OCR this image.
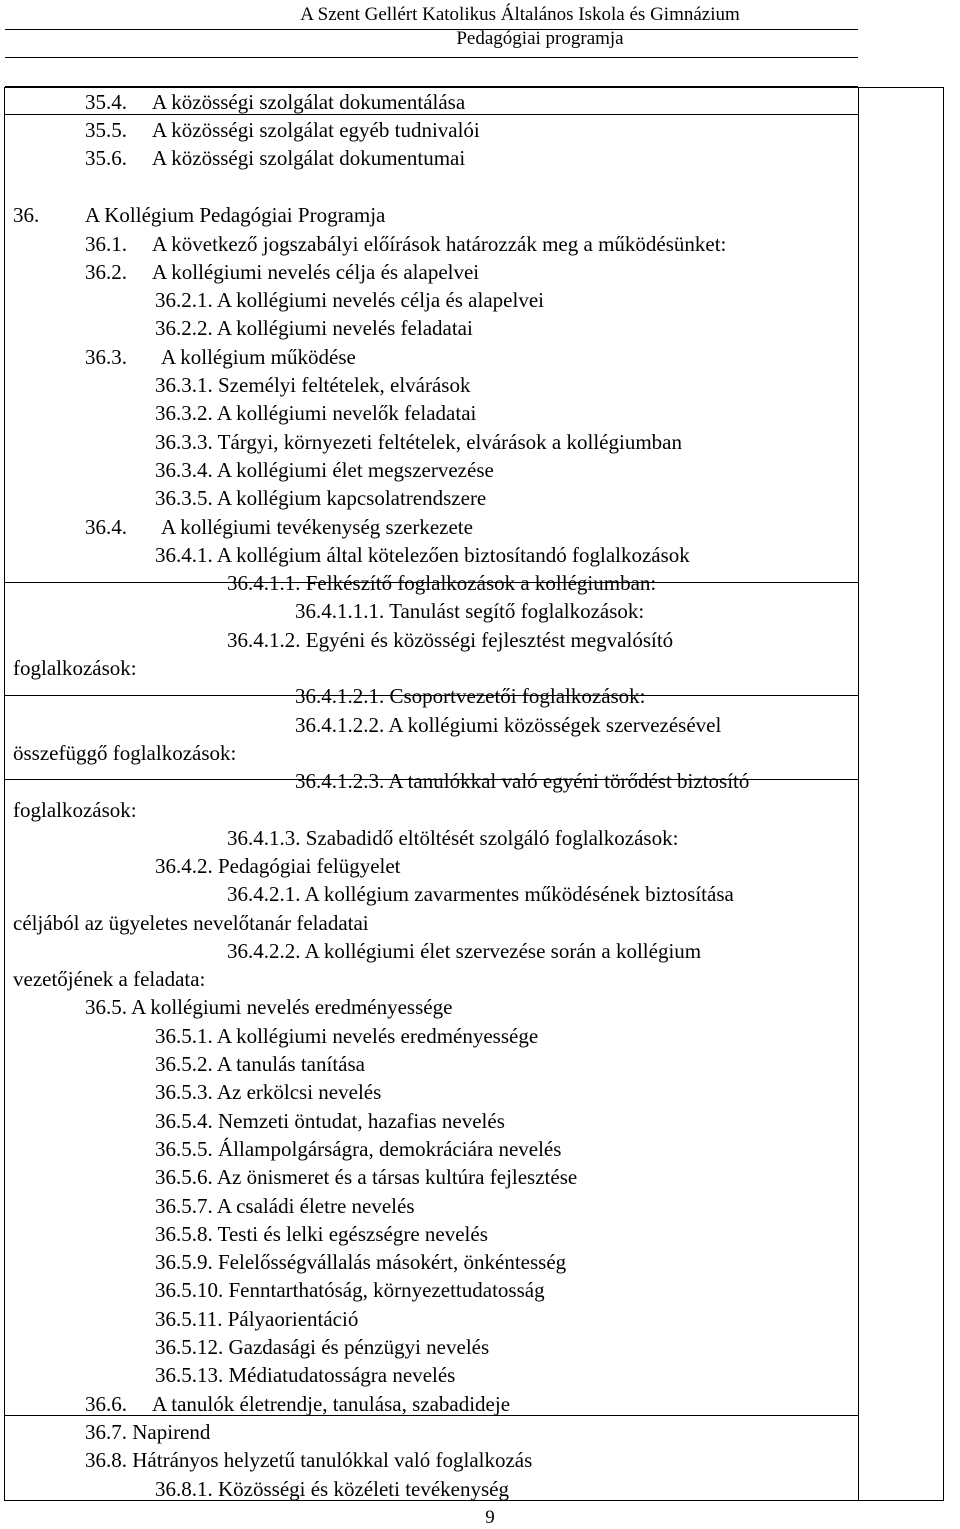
A Szent Gellért Katolikus Általános Iskola és Gimnázium
Pedagógiai programja
35.4. A közösségi szolgálat dokumentálása
35.5. A közösségi szolgálat egyéb tudnivalói
35.6. A közösségi szolgálat dokumentumai
36. A Kollégium Pedagógiai Programja
36.1. A következő jogszabályi előírások határozzák meg a működésünket:
36.2. A kollégiumi nevelés célja és alapelvei
36.2.1. A kollégiumi nevelés célja és alapelvei
36.2.2. A kollégiumi nevelés feladatai
36.3. A kollégium működése
36.3.1. Személyi feltételek, elvárások
36.3.2. A kollégiumi nevelők feladatai
36.3.3. Tárgyi, környezeti feltételek, elvárások a kollégiumban
36.3.4. A kollégiumi élet megszervezése
36.3.5. A kollégium kapcsolatrendszere
36.4. A kollégiumi tevékenység szerkezete
36.4.1. A kollégium által kötelezően biztosítandó foglalkozások
36.4.1.1. Felkészítő foglalkozások a kollégiumban:
36.4.1.1.1. Tanulást segítő foglalkozások:
36.4.1.2. Egyéni és közösségi fejlesztést megvalósító
foglalkozások:
36.4.1.2.1. Csoportvezetői foglalkozások:
36.4.1.2.2. A kollégiumi közösségek szervezésével
összefüggő foglalkozások:
36.4.1.2.3. A tanulókkal való egyéni törődést biztosító
foglalkozások:
36.4.1.3. Szabadidő eltöltését szolgáló foglalkozások:
36.4.2. Pedagógiai felügyelet
36.4.2.1. A kollégium zavarmentes működésének biztosítása
céljából az ügyeletes nevelőtanár feladatai
36.4.2.2. A kollégiumi élet szervezése során a kollégium
vezetőjének a feladata:
36.5. A kollégiumi nevelés eredményessége
36.5.1. A kollégiumi nevelés eredményessége
36.5.2. A tanulás tanítása
36.5.3. Az erkölcsi nevelés
36.5.4. Nemzeti öntudat, hazafias nevelés
36.5.5. Állampolgárságra, demokráciára nevelés
36.5.6. Az önismeret és a társas kultúra fejlesztése
36.5.7. A családi életre nevelés
36.5.8. Testi és lelki egészségre nevelés
36.5.9. Felelősségvállalás másokért, önkéntesség
36.5.10. Fenntarthatóság, környezettudatosság
36.5.11. Pályaorientáció
36.5.12. Gazdasági és pénzügyi nevelés
36.5.13. Médiatudatosságra nevelés
36.6. A tanulók életrendje, tanulása, szabadideje
36.7. Napirend
36.8. Hátrányos helyzetű tanulókkal való foglalkozás
36.8.1. Közösségi és közéleti tevékenység
9
